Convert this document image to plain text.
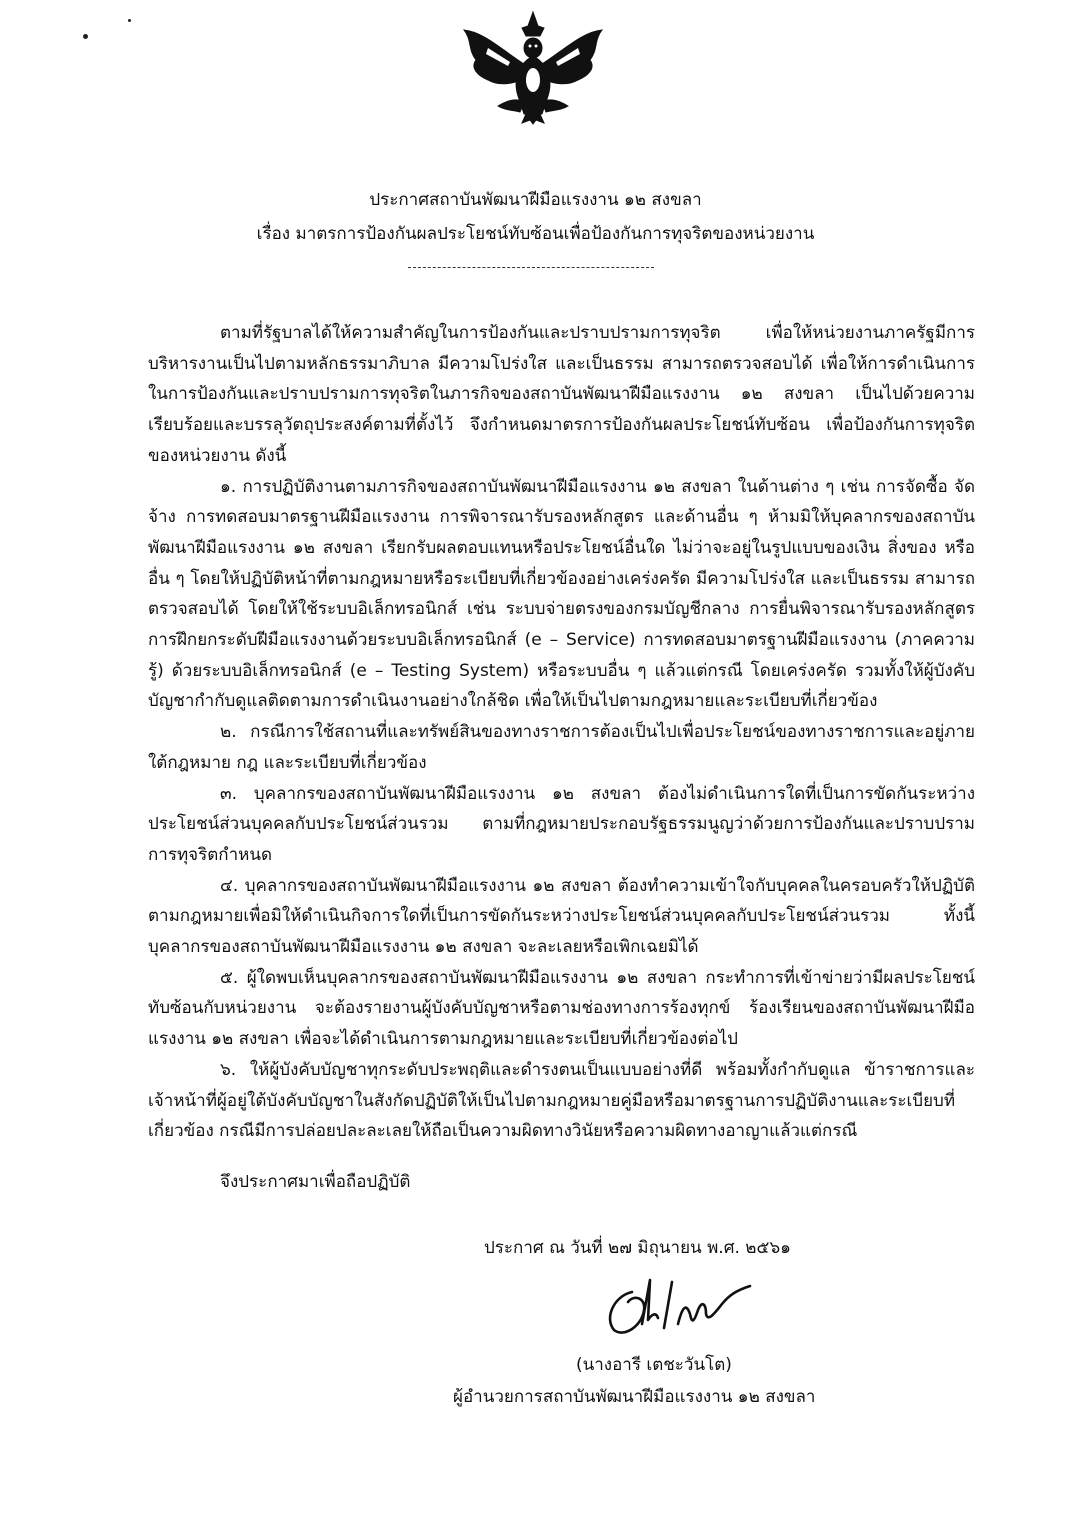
ประกาศสถาบันพัฒนาฝีมือแรงงาน ๑๒ สงขลา
เรื่อง มาตรการป้องกันผลประโยชน์ทับซ้อนเพื่อป้องกันการทุจริตของหน่วยงาน

ตามที่รัฐบาลได้ให้ความสำคัญในการป้องกันและปราบปรามการทุจริต เพื่อให้หน่วยงานภาครัฐมีการบริหารงานเป็นไปตามหลักธรรมาภิบาล มีความโปร่งใส และเป็นธรรม สามารถตรวจสอบได้ เพื่อให้การดำเนินการในการป้องกันและปราบปรามการทุจริตในภารกิจของสถาบันพัฒนาฝีมือแรงงาน ๑๒ สงขลา เป็นไปด้วยความเรียบร้อยและบรรลุวัตถุประสงค์ตามที่ตั้งไว้ จึงกำหนดมาตรการป้องกันผลประโยชน์ทับซ้อน เพื่อป้องกันการทุจริตของหน่วยงาน ดังนี้

๑. การปฏิบัติงานตามภารกิจของสถาบันพัฒนาฝีมือแรงงาน ๑๒ สงขลา ในด้านต่าง ๆ เช่น การจัดซื้อ จัดจ้าง การทดสอบมาตรฐานฝีมือแรงงาน การพิจารณารับรองหลักสูตร และด้านอื่น ๆ ห้ามมิให้บุคลากรของสถาบันพัฒนาฝีมือแรงงาน ๑๒ สงขลา เรียกรับผลตอบแทนหรือประโยชน์อื่นใด ไม่ว่าจะอยู่ในรูปแบบของเงิน สิ่งของ หรืออื่น ๆ โดยให้ปฏิบัติหน้าที่ตามกฎหมายหรือระเบียบที่เกี่ยวข้องอย่างเคร่งครัด มีความโปร่งใส และเป็นธรรม สามารถตรวจสอบได้ โดยให้ใช้ระบบอิเล็กทรอนิกส์ เช่น ระบบจ่ายตรงของกรมบัญชีกลาง การยื่นพิจารณารับรองหลักสูตรการฝึกยกระดับฝีมือแรงงานด้วยระบบอิเล็กทรอนิกส์ (e – Service) การทดสอบมาตรฐานฝีมือแรงงาน (ภาคความรู้) ด้วยระบบอิเล็กทรอนิกส์ (e – Testing System) หรือระบบอื่น ๆ แล้วแต่กรณี โดยเคร่งครัด รวมทั้งให้ผู้บังคับบัญชากำกับดูแลติดตามการดำเนินงานอย่างใกล้ชิด เพื่อให้เป็นไปตามกฎหมายและระเบียบที่เกี่ยวข้อง

๒. กรณีการใช้สถานที่และทรัพย์สินของทางราชการต้องเป็นไปเพื่อประโยชน์ของทางราชการและอยู่ภายใต้กฎหมาย กฎ และระเบียบที่เกี่ยวข้อง

๓. บุคลากรของสถาบันพัฒนาฝีมือแรงงาน ๑๒ สงขลา ต้องไม่ดำเนินการใดที่เป็นการขัดกันระหว่างประโยชน์ส่วนบุคคลกับประโยชน์ส่วนรวม ตามที่กฎหมายประกอบรัฐธรรมนูญว่าด้วยการป้องกันและปราบปรามการทุจริตกำหนด

๔. บุคลากรของสถาบันพัฒนาฝีมือแรงงาน ๑๒ สงขลา ต้องทำความเข้าใจกับบุคคลในครอบครัวให้ปฏิบัติตามกฎหมายเพื่อมิให้ดำเนินกิจการใดที่เป็นการขัดกันระหว่างประโยชน์ส่วนบุคคลกับประโยชน์ส่วนรวม ทั้งนี้ บุคลากรของสถาบันพัฒนาฝีมือแรงงาน ๑๒ สงขลา จะละเลยหรือเพิกเฉยมิได้

๕. ผู้ใดพบเห็นบุคลากรของสถาบันพัฒนาฝีมือแรงงาน ๑๒ สงขลา กระทำการที่เข้าข่ายว่ามีผลประโยชน์ทับซ้อนกับหน่วยงาน จะต้องรายงานผู้บังคับบัญชาหรือตามช่องทางการร้องทุกข์ ร้องเรียนของสถาบันพัฒนาฝีมือแรงงาน ๑๒ สงขลา เพื่อจะได้ดำเนินการตามกฎหมายและระเบียบที่เกี่ยวข้องต่อไป

๖. ให้ผู้บังคับบัญชาทุกระดับประพฤติและดำรงตนเป็นแบบอย่างที่ดี พร้อมทั้งกำกับดูแล ข้าราชการและเจ้าหน้าที่ผู้อยู่ใต้บังคับบัญชาในสังกัดปฏิบัติให้เป็นไปตามกฎหมายคู่มือหรือมาตรฐานการปฏิบัติงานและระเบียบที่เกี่ยวข้อง กรณีมีการปล่อยปละละเลยให้ถือเป็นความผิดทางวินัยหรือความผิดทางอาญาแล้วแต่กรณี

จึงประกาศมาเพื่อถือปฏิบัติ
ประกาศ ณ วันที่ ๒๗ มิถุนายน พ.ศ. ๒๕๖๑
(นางอารี เตชะวันโต)
ผู้อำนวยการสถาบันพัฒนาฝีมือแรงงาน ๑๒ สงขลา
